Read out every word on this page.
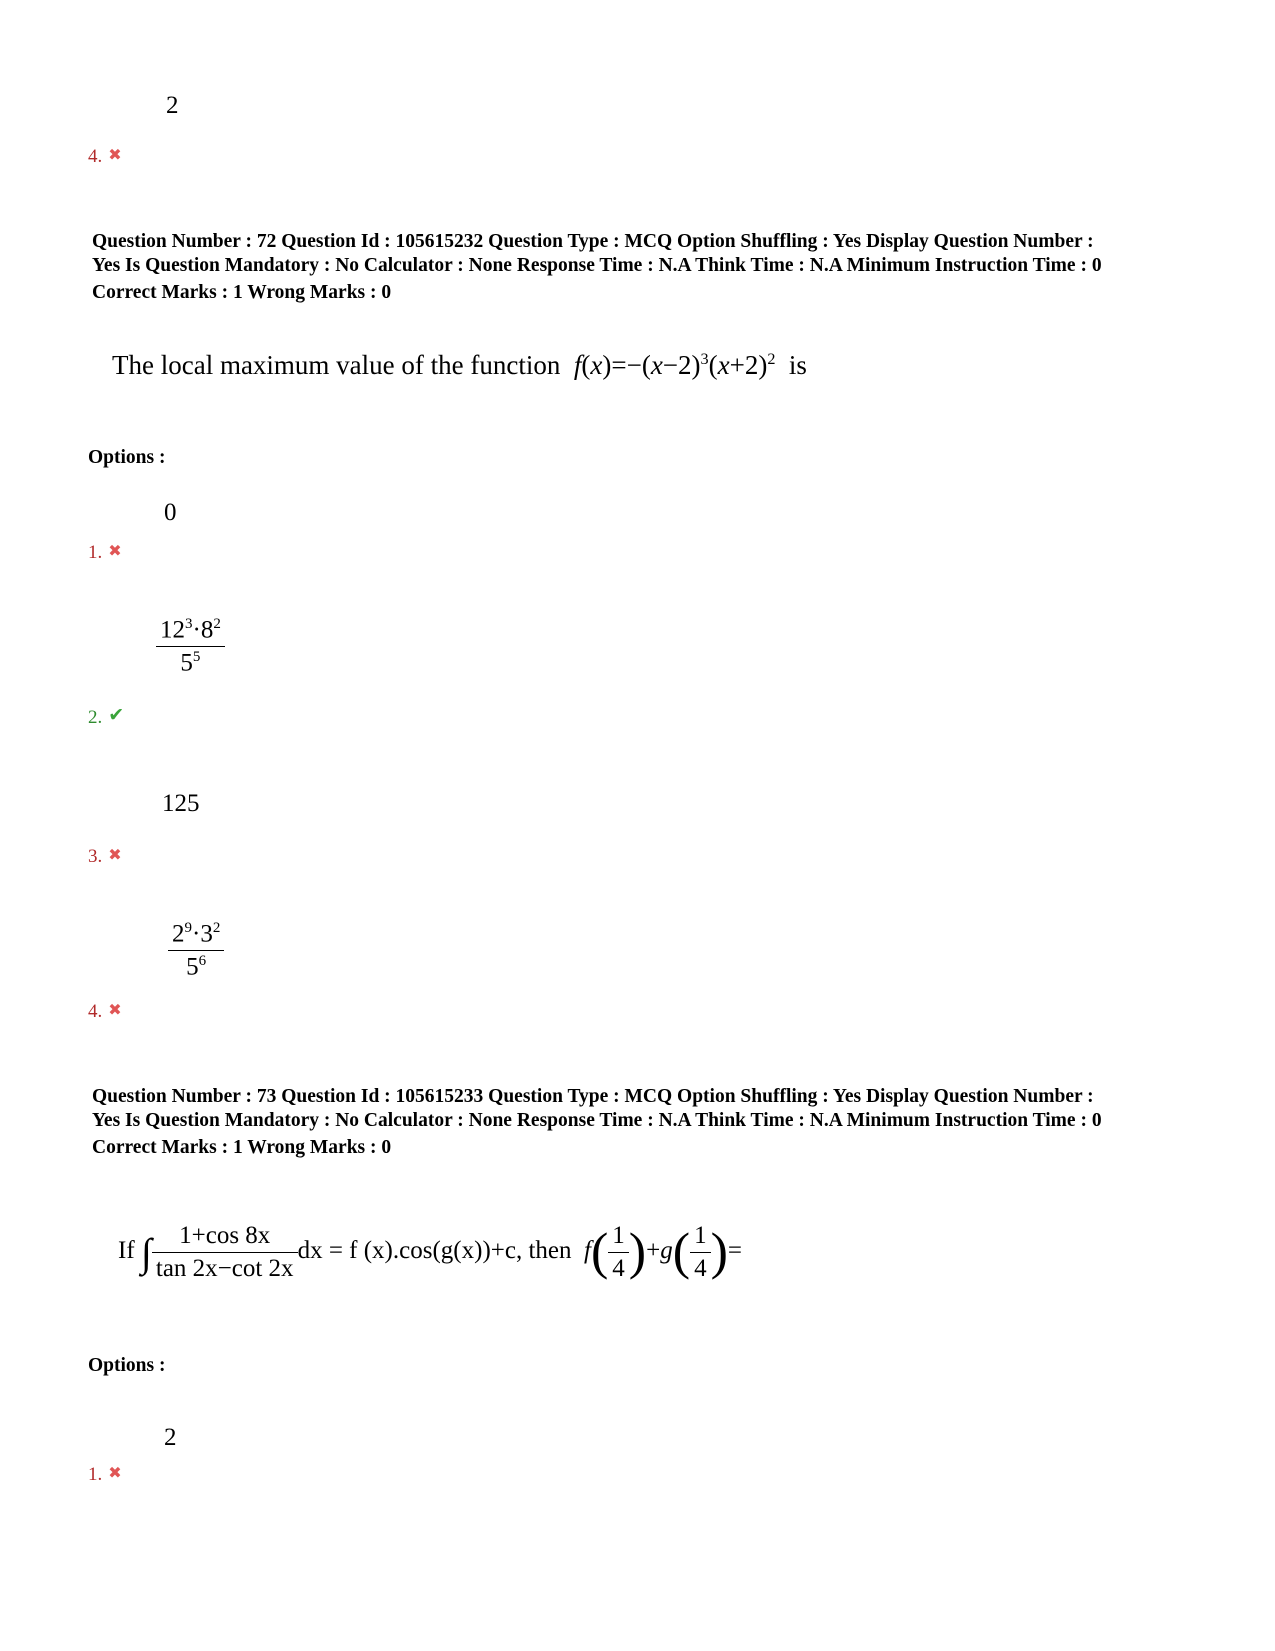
2
4. ✖
Question Number : 72 Question Id : 105615232 Question Type : MCQ Option Shuffling : Yes Display Question Number :
Yes Is Question Mandatory : No Calculator : None Response Time : N.A Think Time : N.A Minimum Instruction Time : 0
Correct Marks : 1 Wrong Marks : 0
The local maximum value of the function $f(x)=-(x-2)^3(x+2)^2$ is
Options :
0
1. ✖
$\frac{12^3\cdot 8^2}{5^5}$
2. ✔
125
3. ✖
$\frac{2^9\cdot 3^2}{5^6}$
4. ✖
Question Number : 73 Question Id : 105615233 Question Type : MCQ Option Shuffling : Yes Display Question Number :
Yes Is Question Mandatory : No Calculator : None Response Time : N.A Think Time : N.A Minimum Instruction Time : 0
Correct Marks : 1 Wrong Marks : 0
If ∫ $\frac{1+\cos 8x}{\tan 2x-\cot 2x}$ dx = f (x).cos(g(x))+c, then $f( \frac{1}{4} )+g( \frac{1}{4}$ )=
Options :
2
1. ✖
